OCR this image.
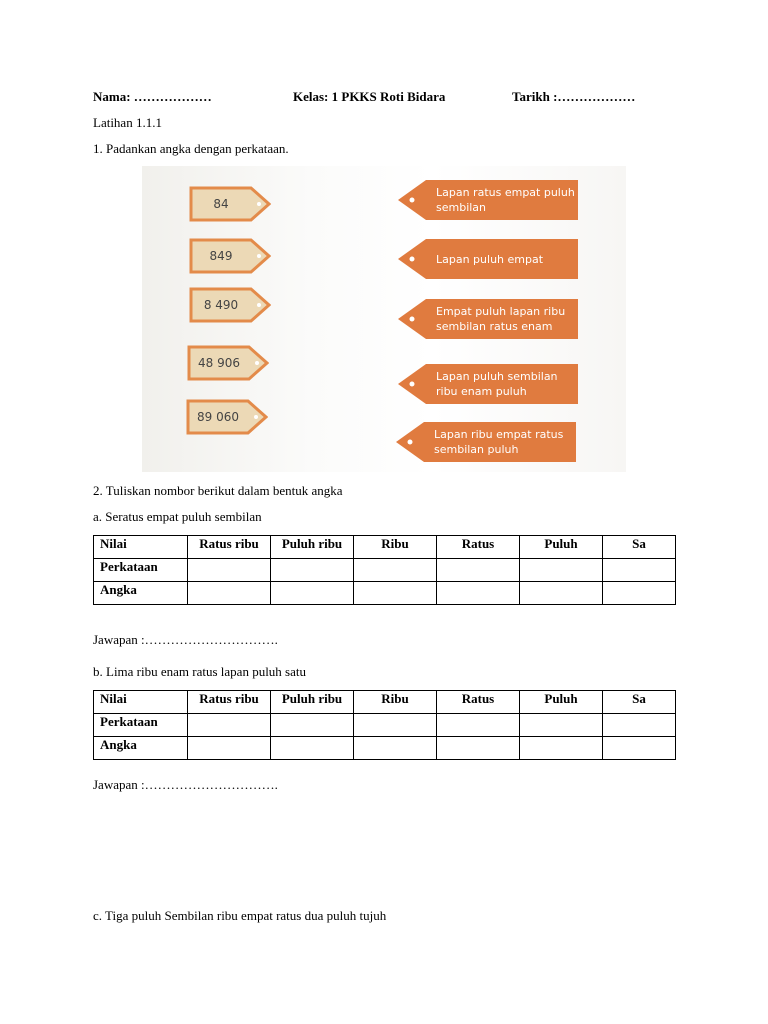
Nama: ………………	Kelas: 1 PKKS Roti Bidara	Tarikh :………………
Latihan 1.1.1
1. Padankan angka dengan perkataan.
84
849
8 490
48 906
89 060
Lapan ratus empat puluh sembilan
Lapan puluh empat
Empat puluh lapan ribu sembilan ratus enam
Lapan puluh sembilan ribu enam puluh
Lapan ribu empat ratus sembilan puluh
2. Tuliskan nombor berikut dalam bentuk angka
a. Seratus empat puluh sembilan
Nilai	Ratus ribu	Puluh ribu	Ribu	Ratus	Puluh	Sa
Perkataan						
Angka						
Jawapan :………………………….
b. Lima ribu enam ratus lapan puluh satu
Nilai	Ratus ribu	Puluh ribu	Ribu	Ratus	Puluh	Sa
Perkataan						
Angka						
Jawapan :………………………….
c. Tiga puluh Sembilan ribu empat ratus dua puluh tujuh
